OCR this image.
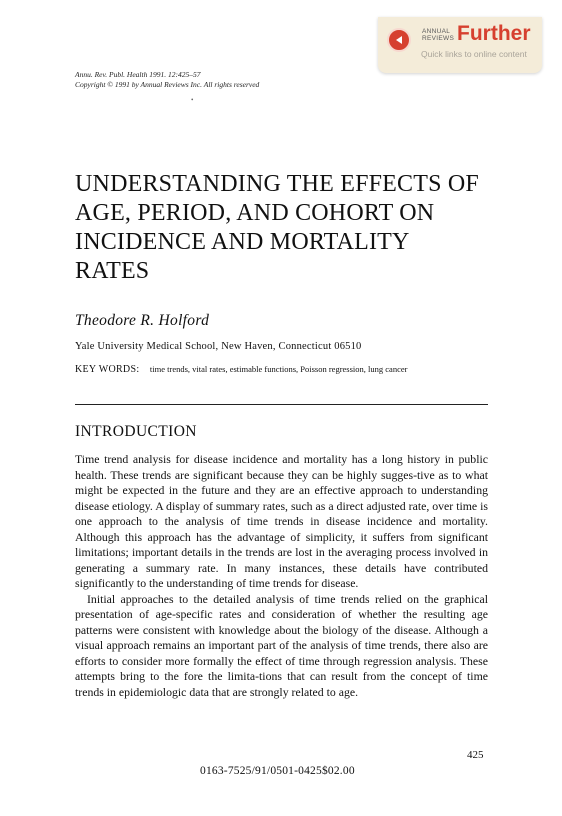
ANNUAL
REVIEWS Further
Quick links to online content
Annu. Rev. Publ. Health 1991. 12:425–57
Copyright © 1991 by Annual Reviews Inc. All rights reserved
•
UNDERSTANDING THE EFFECTS OF
AGE, PERIOD, AND COHORT ON
INCIDENCE AND MORTALITY
RATES
Theodore R. Holford
Yale University Medical School, New Haven, Connecticut 06510
KEY WORDS: time trends, vital rates, estimable functions, Poisson regression, lung cancer
INTRODUCTION

Time trend analysis for disease incidence and mortality has a long history in public health. These trends are significant because they can be highly sugges-tive as to what might be expected in the future and they are an effective approach to understanding disease etiology. A display of summary rates, such as a direct adjusted rate, over time is one approach to the analysis of time trends in disease incidence and mortality. Although this approach has the advantage of simplicity, it suffers from significant limitations; important details in the trends are lost in the averaging process involved in generating a summary rate. In many instances, these details have contributed significantly to the understanding of time trends for disease.

Initial approaches to the detailed analysis of time trends relied on the graphical presentation of age-specific rates and consideration of whether the resulting age patterns were consistent with knowledge about the biology of the disease. Although a visual approach remains an important part of the analysis of time trends, there also are efforts to consider more formally the effect of time through regression analysis. These attempts bring to the fore the limita-tions that can result from the concept of time trends in epidemiologic data that are strongly related to age.

425
0163-7525/91/0501-0425$02.00
